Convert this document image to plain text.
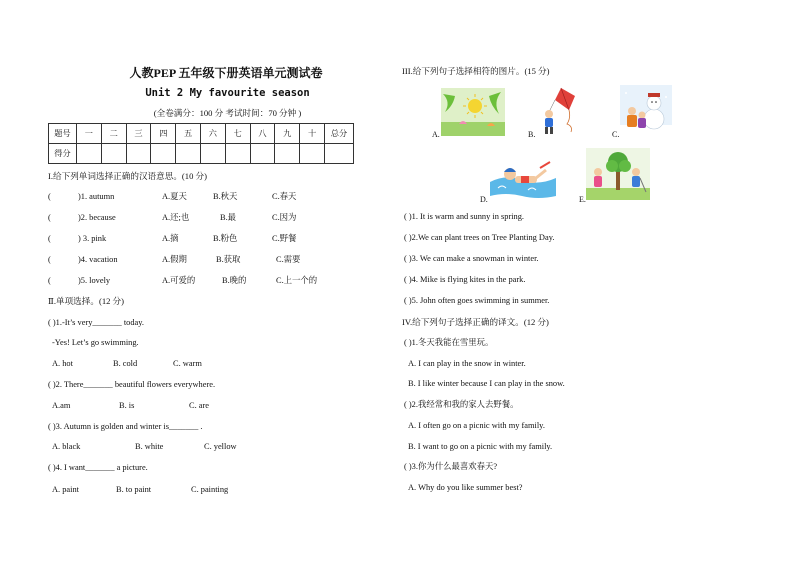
人教PEP 五年级下册英语单元测试卷
Unit 2 My favourite season
(全卷满分：100 分 考试时间：70 分钟 )
题号	一	二	三	四	五	六	七	八	九	十	总分
得分											
I.给下列单词选择正确的汉语意思。(10 分)
(	)1. autumn	A.夏天	B.秋天	C.春天
(	)2. because	A.还;也	B.最	C.因为
(	) 3. pink	A.摘	B.粉色	C.野餐
(	)4. vacation	A.假期	B.获取	C.需要
(	)5. lovely	A.可爱的	B.晚的	C.上一个的
Ⅱ.单项选择。(12 分)
( )1.-It’s very_______ today.
-Yes! Let’s go swimming.
A. hot	B. cold	C. warm
( )2. There_______ beautiful flowers everywhere.
A.am	B. is	C. are
( )3. Autumn is golden and winter is_______ .
A. black	B. white	C. yellow
( )4. I want_______ a picture.
A. paint	B. to paint	C. painting
III.给下列句子选择相符的图片。(15 分)
A.	B.	C.
D.	E.
( )1. It is warm and sunny in spring.
( )2.We can plant trees on Tree Planting Day.
( )3. We can make a snowman in winter.
( )4. Mike is flying kites in the park.
( )5. John often goes swimming in summer.
IV.给下列句子选择正确的译文。(12 分)
( )1.冬天我能在雪里玩。
A. I can play in the snow in winter.
B. I like winter because I can play in the snow.
( )2.我经常和我的家人去野餐。
A. I often go on a picnic with my family.
B. I want to go on a picnic with my family.
( )3.你为什么最喜欢春天?
A. Why do you like summer best?
